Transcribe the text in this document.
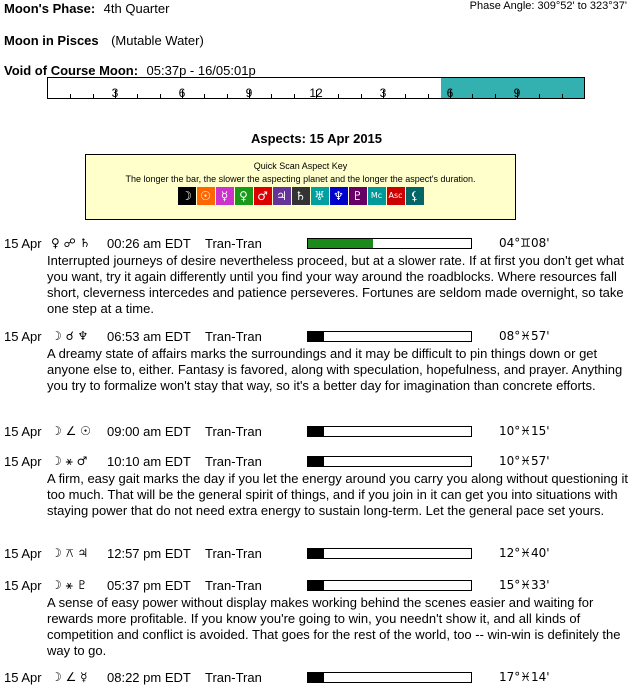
Moon's Phase: 4th Quarter	Phase Angle: 309°52' to 323°37'
Moon in Pisces (Mutable Water)
Void of Course Moon: 05:37p - 16/05:01p
3	6	9	12	3	6	9
Aspects: 15 Apr 2015
Quick Scan Aspect Key
The longer the bar, the slower the aspecting planet and the longer the aspect's duration.
☽ ☉ ☿ ♀ ♂ ♃ ♄ ♅ ♆ ♇ Mc Asc ⚸
15 Apr ♀ ☍ ♄ 00:26 am EDT Tran-Tran	04°♊08'
Interrupted journeys of desire nevertheless proceed, but at a slower rate. If at first you don't get what you want, try it again differently until you find your way around the roadblocks. Where resources fall short, cleverness intercedes and patience perseveres. Fortunes are seldom made overnight, so take one step at a time.
15 Apr ☽ ☌ ♆ 06:53 am EDT Tran-Tran	08°♓57'
A dreamy state of affairs marks the surroundings and it may be difficult to pin things down or get anyone else to, either. Fantasy is favored, along with speculation, hopefulness, and prayer. Anything you try to formalize won't stay that way, so it's a better day for imagination than concrete efforts.
15 Apr ☽ ∠ ☉ 09:00 am EDT Tran-Tran	10°♓15'
15 Apr ☽ ⚹ ♂ 10:10 am EDT Tran-Tran	10°♓57'
A firm, easy gait marks the day if you let the energy around you carry you along without questioning it too much. That will be the general spirit of things, and if you join in it can get you into situations with staying power that do not need extra energy to sustain long-term. Let the general pace set yours.
15 Apr ☽ ⚻ ♃ 12:57 pm EDT Tran-Tran	12°♓40'
15 Apr ☽ ⚹ ♇ 05:37 pm EDT Tran-Tran	15°♓33'
A sense of easy power without display makes working behind the scenes easier and waiting for rewards more profitable. If you know you're going to win, you needn't show it, and all kinds of competition and conflict is avoided. That goes for the rest of the world, too -- win-win is definitely the way to go.
15 Apr ☽ ∠ ☿ 08:22 pm EDT Tran-Tran	17°♓14'
